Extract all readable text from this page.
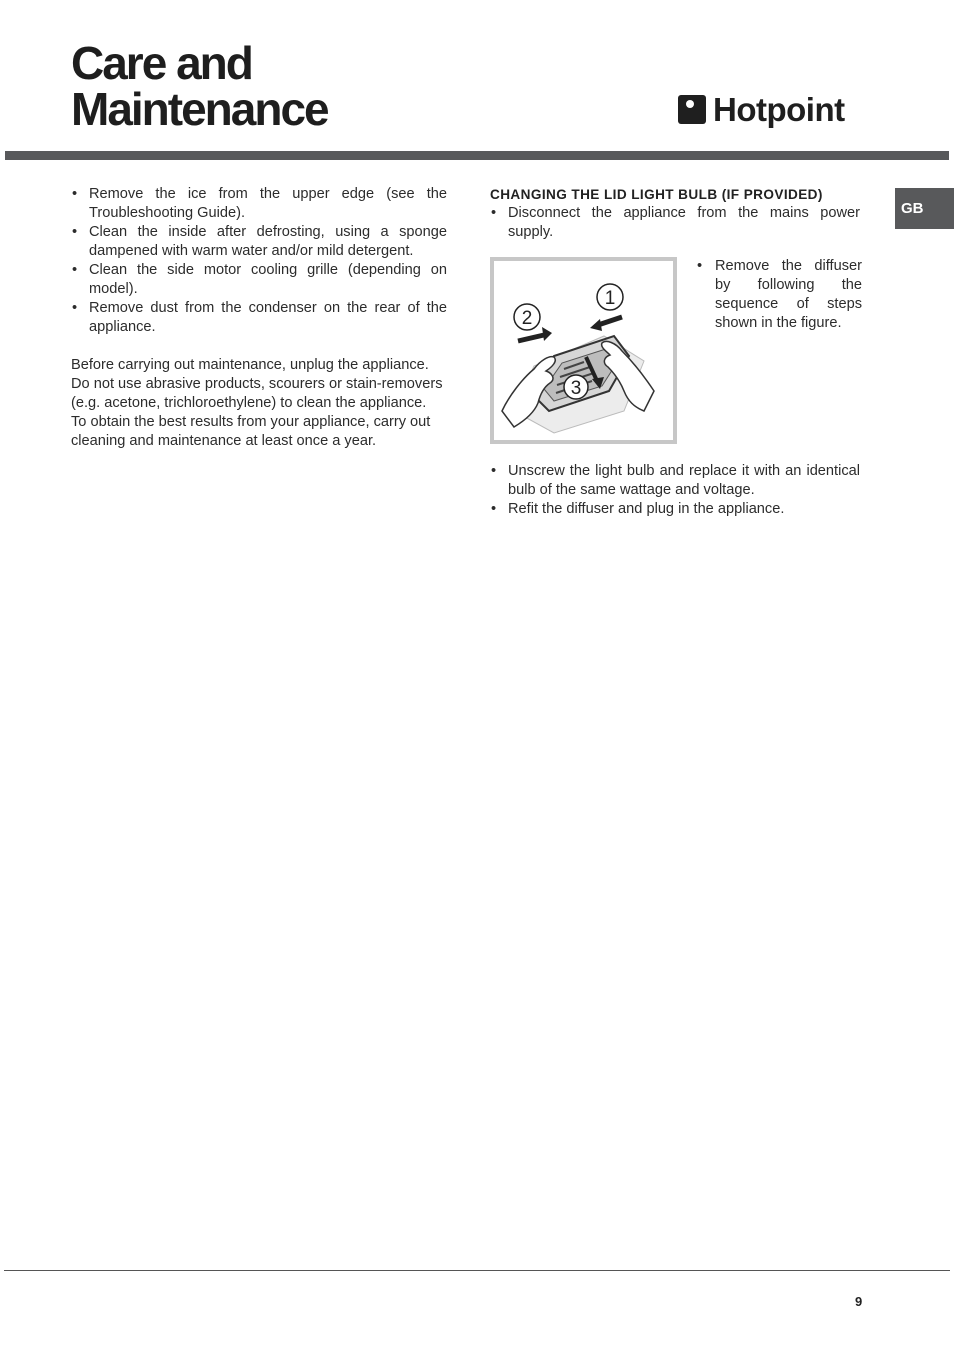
Care and
Maintenance	Hotpoint
GB
• Remove the ice from the upper edge (see the Troubleshooting Guide).
• Clean the inside after defrosting, using a sponge dampened with warm water and/or mild detergent.
• Clean the side motor cooling grille (depending on model).
• Remove dust from the condenser on the rear of the appliance.

Before carrying out maintenance, unplug the appliance.

Do not use abrasive products, scourers or stain-removers (e.g. acetone, trichloroethylene) to clean the appliance.

To obtain the best results from your appliance, carry out cleaning and maintenance at least once a year.

CHANGING THE LID LIGHT BULB (IF PROVIDED)
• Disconnect the appliance from the mains power supply.
1
2
3
• Remove the diffuser by following the sequence of steps shown in the figure.
• Unscrew the light bulb and replace it with an identical bulb of the same wattage and voltage.
• Refit the diffuser and plug in the appliance.
9
